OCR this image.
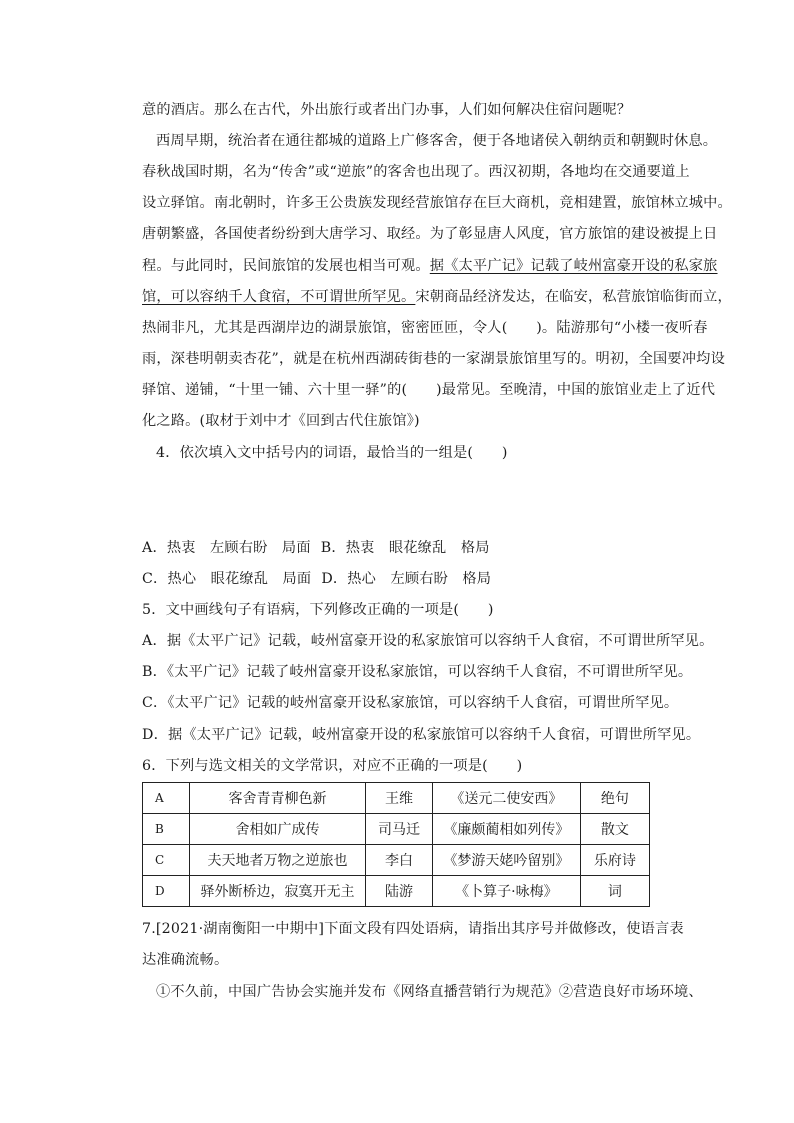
意的酒店。那么在古代，外出旅行或者出门办事，人们如何解决住宿问题呢？
西周早期，统治者在通往都城的道路上广修客舍，便于各地诸侯入朝纳贡和朝觐时休息。
春秋战国时期，名为“传舍”或“逆旅”的客舍也出现了。西汉初期，各地均在交通要道上
设立驿馆。南北朝时，许多王公贵族发现经营旅馆存在巨大商机，竞相建置，旅馆林立城中。
唐朝繁盛，各国使者纷纷到大唐学习、取经。为了彰显唐人风度，官方旅馆的建设被提上日
程。与此同时，民间旅馆的发展也相当可观。据《太平广记》记载了岐州富豪开设的私家旅
馆，可以容纳千人食宿，不可谓世所罕见。宋朝商品经济发达，在临安，私营旅馆临街而立，
热闹非凡，尤其是西湖岸边的湖景旅馆，密密匝匝，令人(　　)。陆游那句“小楼一夜听春
雨，深巷明朝卖杏花”，就是在杭州西湖砖街巷的一家湖景旅馆里写的。明初，全国要冲均设
驿馆、递铺，“十里一铺、六十里一驿”的(　　)最常见。至晚清，中国的旅馆业走上了近代
化之路。(取材于刘中才《回到古代住旅馆》)
4．依次填入文中括号内的词语，最恰当的一组是(　　)
A．热衷　左顾右盼　局面 B．热衷　眼花缭乱　格局
C．热心　眼花缭乱　局面 D．热心　左顾右盼　格局
5．文中画线句子有语病，下列修改正确的一项是(　　)
A．据《太平广记》记载，岐州富豪开设的私家旅馆可以容纳千人食宿，不可谓世所罕见。
B．《太平广记》记载了岐州富豪开设私家旅馆，可以容纳千人食宿，不可谓世所罕见。
C．《太平广记》记载的岐州富豪开设私家旅馆，可以容纳千人食宿，可谓世所罕见。
D．据《太平广记》记载，岐州富豪开设的私家旅馆可以容纳千人食宿，可谓世所罕见。
6．下列与选文相关的文学常识，对应不正确的一项是(　　)
A	客舍青青柳色新	王维	《送元二使安西》	绝句
B	舍相如广成传	司马迁	《廉颇蔺相如列传》	散文
C	夫天地者万物之逆旅也	李白	《梦游天姥吟留别》	乐府诗
D	驿外断桥边，寂寞开无主	陆游	《卜算子·咏梅》	词
7.[2021·湖南衡阳一中期中]下面文段有四处语病，请指出其序号并做修改，使语言表
达准确流畅。
①不久前，中国广告协会实施并发布《网络直播营销行为规范》②营造良好市场环境、
